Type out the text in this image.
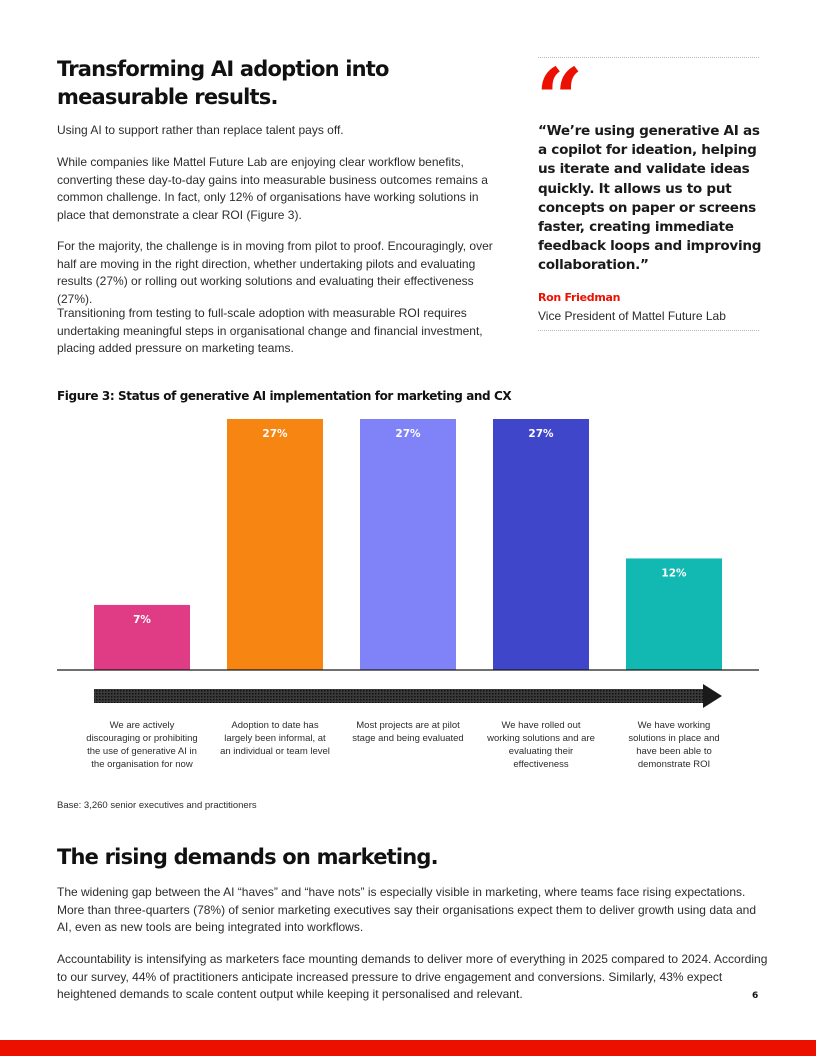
Transforming AI adoption into measurable results.
Using AI to support rather than replace talent pays off.
While companies like Mattel Future Lab are enjoying clear workflow benefits, converting these day-to-day gains into measurable business outcomes remains a common challenge. In fact, only 12% of organisations have working solutions in place that demonstrate a clear ROI (Figure 3).
For the majority, the challenge is in moving from pilot to proof. Encouragingly, over half are moving in the right direction, whether undertaking pilots and evaluating results (27%) or rolling out working solutions and evaluating their effectiveness (27%).
Transitioning from testing to full-scale adoption with measurable ROI requires undertaking meaningful steps in organisational change and financial investment, placing added pressure on marketing teams.
“
“We’re using generative AI as a copilot for ideation, helping us iterate and validate ideas quickly. It allows us to put concepts on paper or screens faster, creating immediate feedback loops and improving collaboration.”
Ron Friedman
Vice President of Mattel Future Lab
Figure 3: Status of generative AI implementation for marketing and CX
7%
27%	27%	27%
12%
We are actively discouraging or prohibiting the use of generative AI in the organisation for now
Adoption to date has largely been informal, at an individual or team level
Most projects are at pilot stage and being evaluated
We have rolled out working solutions and are evaluating their effectiveness
We have working solutions in place and have been able to demonstrate ROI
Base: 3,260 senior executives and practitioners
The rising demands on marketing.
The widening gap between the AI “haves” and “have nots” is especially visible in marketing, where teams face rising expectations. More than three-quarters (78%) of senior marketing executives say their organisations expect them to deliver growth using data and AI, even as new tools are being integrated into workflows.
Accountability is intensifying as marketers face mounting demands to deliver more of everything in 2025 compared to 2024. According to our survey, 44% of practitioners anticipate increased pressure to drive engagement and conversions. Similarly, 43% expect heightened demands to scale content output while keeping it personalised and relevant.	6
